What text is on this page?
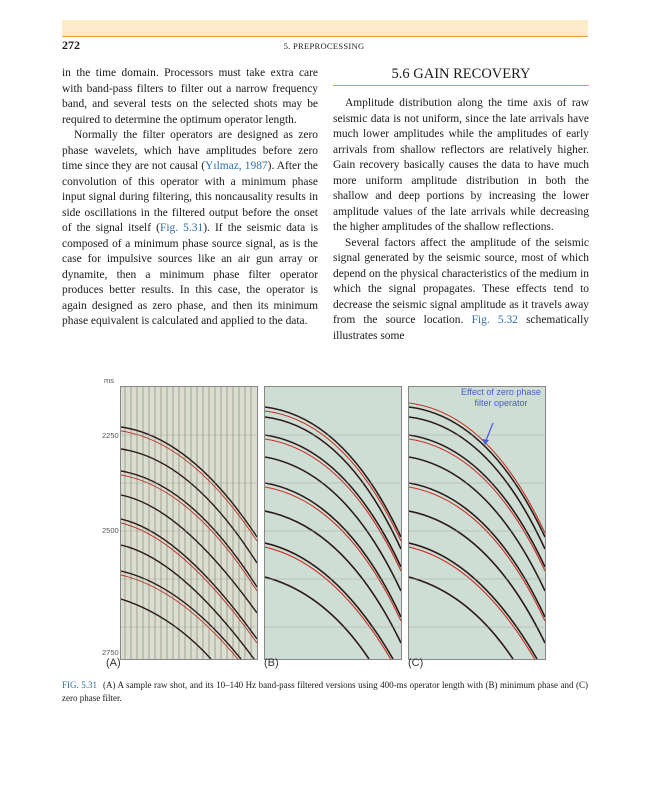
272	5. PREPROCESSING

in the time domain. Processors must take extra care with band-pass filters to filter out a narrow frequency band, and several tests on the selected shots may be required to determine the optimum operator length.

Normally the filter operators are designed as zero phase wavelets, which have amplitudes before zero time since they are not causal (Yılmaz, 1987). After the convolution of this operator with a minimum phase input signal during filtering, this noncausality results in side oscillations in the filtered output before the onset of the signal itself (Fig. 5.31). If the seismic data is composed of a minimum phase source signal, as is the case for impulsive sources like an air gun array or dynamite, then a minimum phase filter operator produces better results. In this case, the operator is again designed as zero phase, and then its minimum phase equivalent is calculated and applied to the data.

5.6 GAIN RECOVERY

Amplitude distribution along the time axis of raw seismic data is not uniform, since the late arrivals have much lower amplitudes while the amplitudes of early arrivals from shallow reflectors are relatively higher. Gain recovery basically causes the data to have much more uniform amplitude distribution in both the shallow and deep portions by increasing the lower amplitude values of the late arrivals while decreasing the higher amplitudes of the shallow reflections.

Several factors affect the amplitude of the seismic signal generated by the seismic source, most of which depend on the physical characteristics of the medium in which the signal propagates. These effects tend to decrease the seismic signal amplitude as it travels away from the source location. Fig. 5.32 schematically illustrates some

ms
2250
2500
2750
Effect of zero phase
filter operator
(A)	(B)	(C)
FIG. 5.31 (A) A sample raw shot, and its 10–140 Hz band-pass filtered versions using 400-ms operator length with (B) minimum phase and (C) zero phase filter.
